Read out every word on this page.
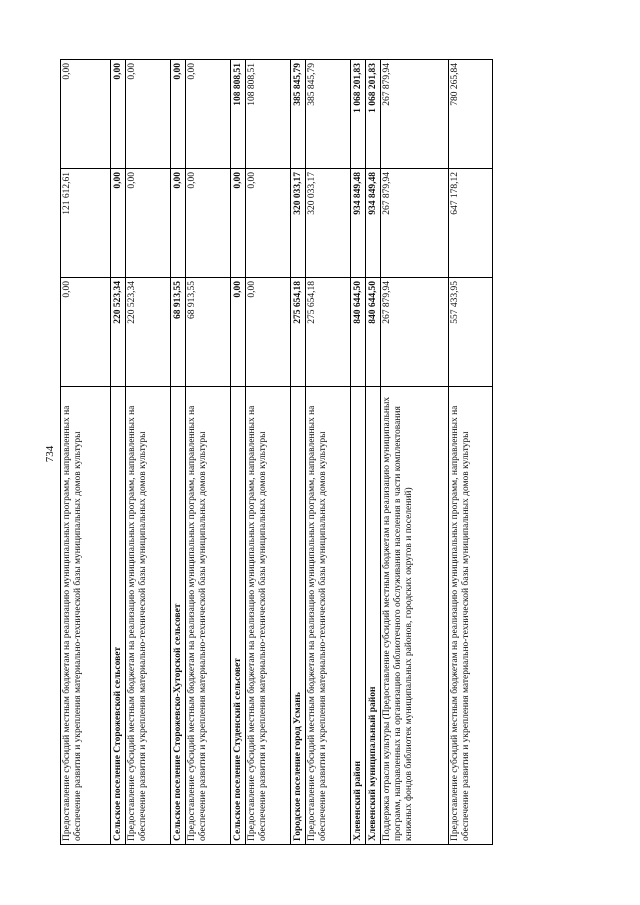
734 Предоставление субсидий местным бюджетам на реализацию муниципальных программ, направленных на обеспечение развития и укрепления материально-технической базы муниципальных домов культуры	0,00	121 612,61	0,00
Сельское поселение Сторожевской сельсовет	220 523,34	0,00	0,00
Предоставление субсидий местным бюджетам на реализацию муниципальных программ, направленных на обеспечение развития и укрепления материально-технической базы муниципальных домов культуры	220 523,34	0,00	0,00
Сельское поселение Сторожевско-Хуторской сельсовет	68 913,55	0,00	0,00
Предоставление субсидий местным бюджетам на реализацию муниципальных программ, направленных на обеспечение развития и укрепления материально-технической базы муниципальных домов культуры	68 913,55	0,00	0,00
Сельское поселение Студенский сельсовет	0,00	0,00	108 808,51
Предоставление субсидий местным бюджетам на реализацию муниципальных программ, направленных на обеспечение развития и укрепления материально-технической базы муниципальных домов культуры	0,00	0,00	108 808,51
Городское поселение город Усмань	275 654,18	320 033,17	385 845,79
Предоставление субсидий местным бюджетам на реализацию муниципальных программ, направленных на обеспечение развития и укрепления материально-технической базы муниципальных домов культуры	275 654,18	320 033,17	385 845,79
Хлевенский район	840 644,50	934 849,48	1 068 201,83
Хлевенский муниципальный район	840 644,50	934 849,48	1 068 201,83
Поддержка отрасли культуры (Предоставление субсидий местным бюджетам на реализацию муниципальных программ, направленных на организацию библиотечного обслуживания населения в части комплектования книжных фондов библиотек муниципальных районов, городских округов и поселений)	267 879,94	267 879,94	267 879,94
Предоставление субсидий местным бюджетам на реализацию муниципальных программ, направленных на обеспечение развития и укрепления материально-технической базы муниципальных домов культуры	557 433,95	647 178,12	780 265,84
